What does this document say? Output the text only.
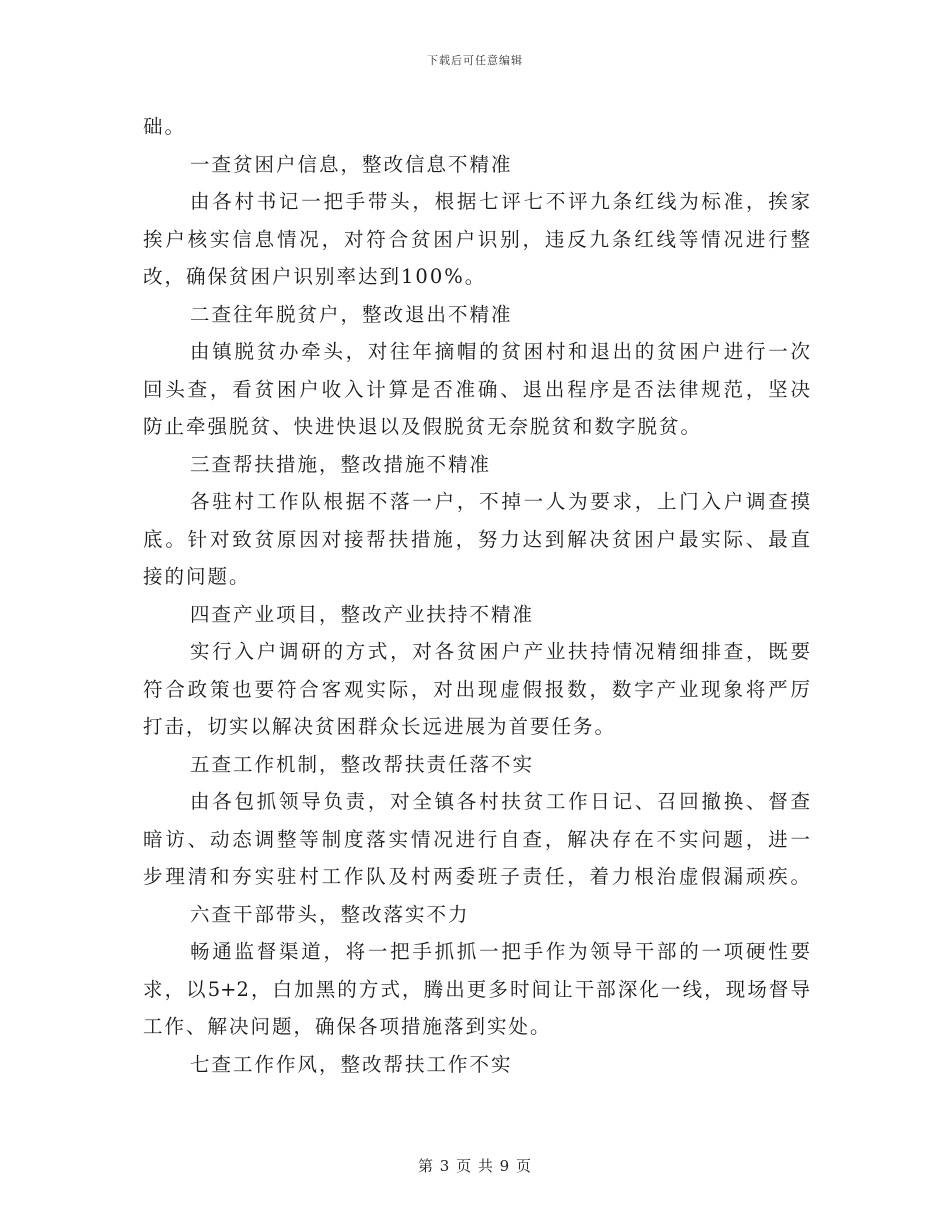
下载后可任意编辑
础。
一查贫困户信息，整改信息不精准
由各村书记一把手带头，根据七评七不评九条红线为标准，挨家
挨户核实信息情况，对符合贫困户识别，违反九条红线等情况进行整
改，确保贫困户识别率达到100%。
二查往年脱贫户，整改退出不精准
由镇脱贫办牵头，对往年摘帽的贫困村和退出的贫困户进行一次
回头查，看贫困户收入计算是否准确、退出程序是否法律规范，坚决
防止牵强脱贫、快进快退以及假脱贫无奈脱贫和数字脱贫。
三查帮扶措施，整改措施不精准
各驻村工作队根据不落一户，不掉一人为要求，上门入户调查摸
底。针对致贫原因对接帮扶措施，努力达到解决贫困户最实际、最直
接的问题。
四查产业项目，整改产业扶持不精准
实行入户调研的方式，对各贫困户产业扶持情况精细排查，既要
符合政策也要符合客观实际，对出现虚假报数，数字产业现象将严厉
打击，切实以解决贫困群众长远进展为首要任务。
五查工作机制，整改帮扶责任落不实
由各包抓领导负责，对全镇各村扶贫工作日记、召回撤换、督查
暗访、动态调整等制度落实情况进行自查，解决存在不实问题，进一
步理清和夯实驻村工作队及村两委班子责任，着力根治虚假漏顽疾。
六查干部带头，整改落实不力
畅通监督渠道，将一把手抓抓一把手作为领导干部的一项硬性要
求，以5+2，白加黑的方式，腾出更多时间让干部深化一线，现场督导
工作、解决问题，确保各项措施落到实处。
七查工作作风，整改帮扶工作不实
第 3 页 共 9 页
